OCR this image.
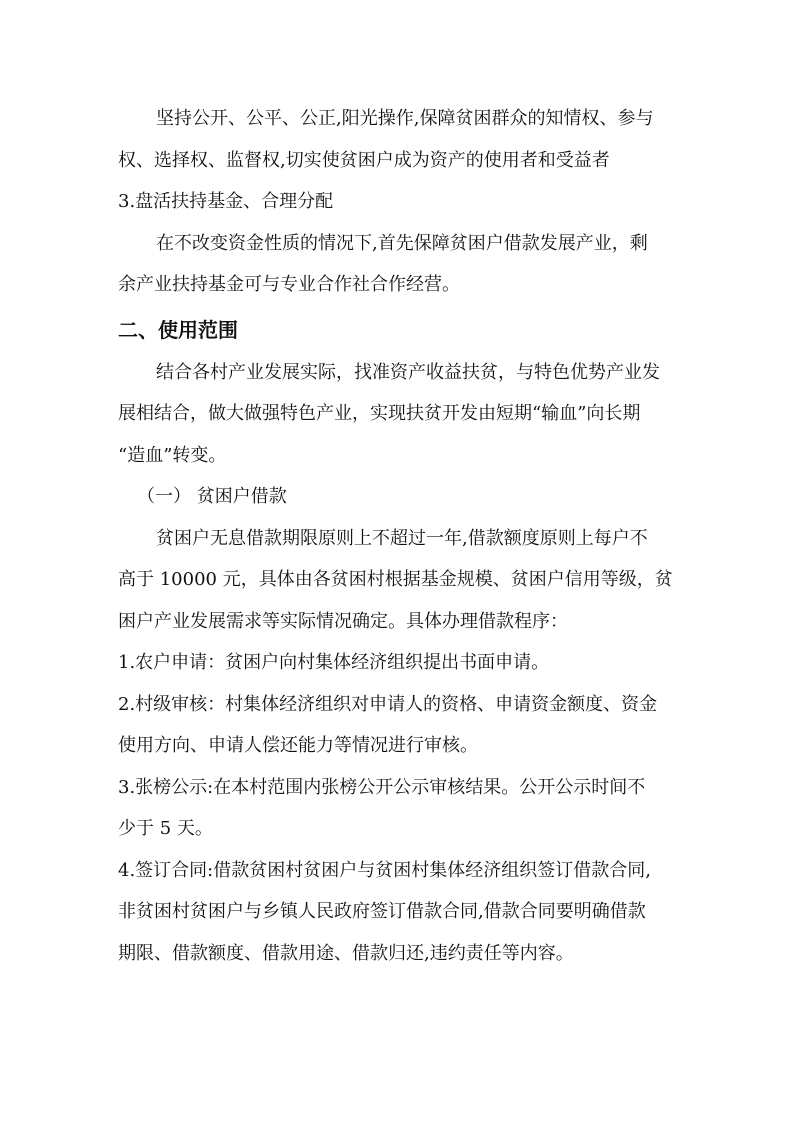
坚持公开、公平、公正,阳光操作,保障贫困群众的知情权、参与
权、选择权、监督权,切实使贫困户成为资产的使用者和受益者
3.盘活扶持基金、合理分配
在不改变资金性质的情况下,首先保障贫困户借款发展产业，剩
余产业扶持基金可与专业合作社合作经营。
二、使用范围
结合各村产业发展实际，找准资产收益扶贫，与特色优势产业发
展相结合，做大做强特色产业，实现扶贫开发由短期“输血”向长期
“造血”转变。
（一） 贫困户借款
贫困户无息借款期限原则上不超过一年,借款额度原则上每户不
高于 10000 元，具体由各贫困村根据基金规模、贫困户信用等级，贫
困户产业发展需求等实际情况确定。具体办理借款程序：
1.农户申请：贫困户向村集体经济组织提出书面申请。
2.村级审核：村集体经济组织对申请人的资格、申请资金额度、资金
使用方向、申请人偿还能力等情况进行审核。
3.张榜公示:在本村范围内张榜公开公示审核结果。公开公示时间不
少于 5 天。
4.签订合同:借款贫困村贫困户与贫困村集体经济组织签订借款合同,
非贫困村贫困户与乡镇人民政府签订借款合同,借款合同要明确借款
期限、借款额度、借款用途、借款归还,违约责任等内容。
